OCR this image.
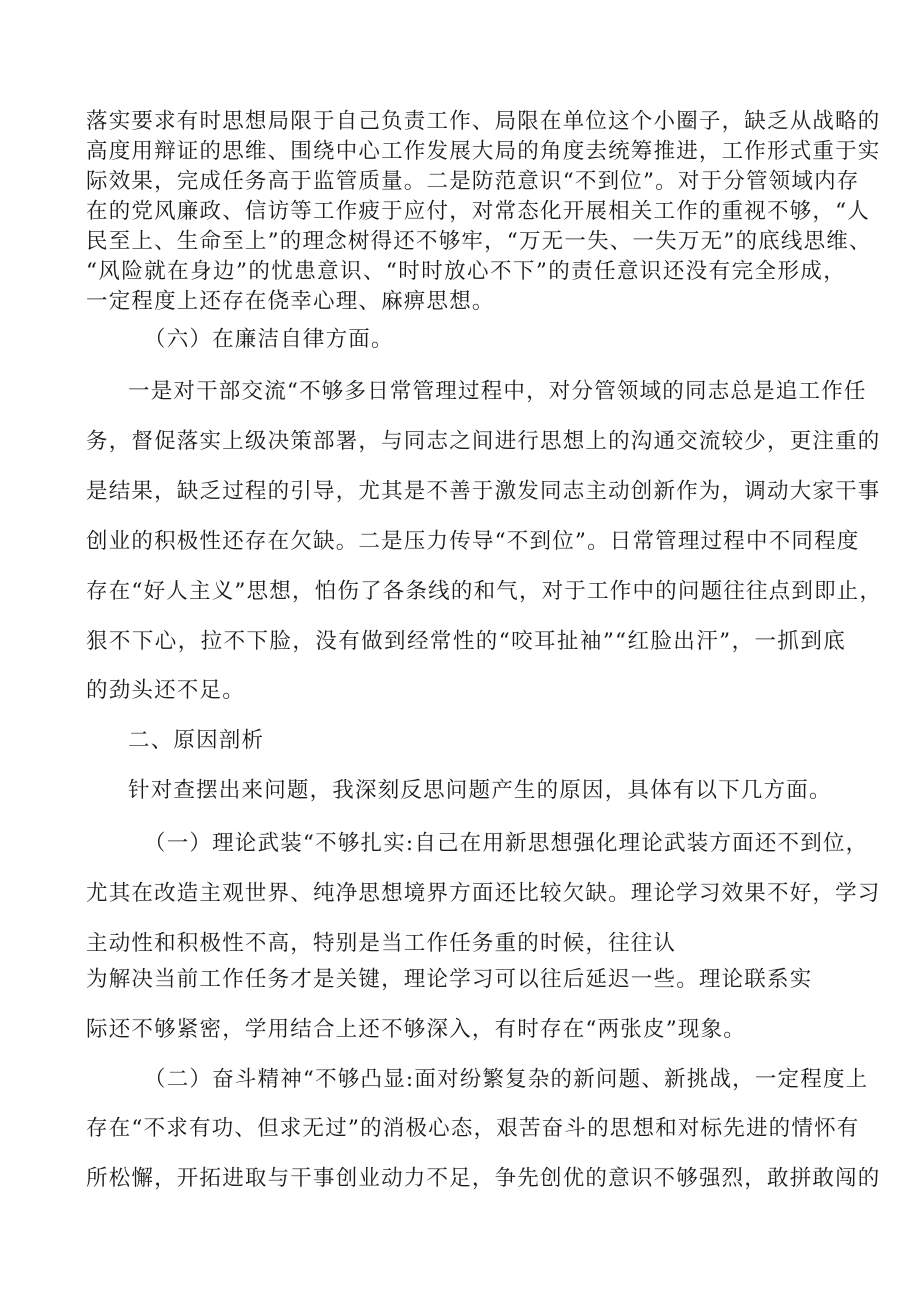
落实要求有时思想局限于自己负责工作、局限在单位这个小圈子，缺乏从战略的
高度用辩证的思维、围绕中心工作发展大局的角度去统筹推进，工作形式重于实
际效果，完成任务高于监管质量。二是防范意识“不到位”。对于分管领域内存
在的党风廉政、信访等工作疲于应付，对常态化开展相关工作的重视不够，“人
民至上、生命至上”的理念树得还不够牢，“万无一失、一失万无”的底线思维、
“风险就在身边”的忧患意识、“时时放心不下”的责任意识还没有完全形成，
一定程度上还存在侥幸心理、麻痹思想。
（六）在廉洁自律方面。
一是对干部交流“不够多日常管理过程中，对分管领域的同志总是追工作任
务，督促落实上级决策部署，与同志之间进行思想上的沟通交流较少，更注重的
是结果，缺乏过程的引导，尤其是不善于激发同志主动创新作为，调动大家干事
创业的积极性还存在欠缺。二是压力传导“不到位”。日常管理过程中不同程度
存在“好人主义”思想，怕伤了各条线的和气，对于工作中的问题往往点到即止，
狠不下心，拉不下脸，没有做到经常性的“咬耳扯袖”“红脸出汗”，一抓到底
的劲头还不足。
二、原因剖析
针对查摆出来问题，我深刻反思问题产生的原因，具体有以下几方面。
（一）理论武装“不够扎实:自己在用新思想强化理论武装方面还不到位，
尤其在改造主观世界、纯净思想境界方面还比较欠缺。理论学习效果不好，学习
主动性和积极性不高，特别是当工作任务重的时候，往往认
为解决当前工作任务才是关键，理论学习可以往后延迟一些。理论联系实
际还不够紧密，学用结合上还不够深入，有时存在“两张皮”现象。
（二）奋斗精神“不够凸显:面对纷繁复杂的新问题、新挑战，一定程度上
存在“不求有功、但求无过”的消极心态，艰苦奋斗的思想和对标先进的情怀有
所松懈，开拓进取与干事创业动力不足，争先创优的意识不够强烈，敢拼敢闯的
